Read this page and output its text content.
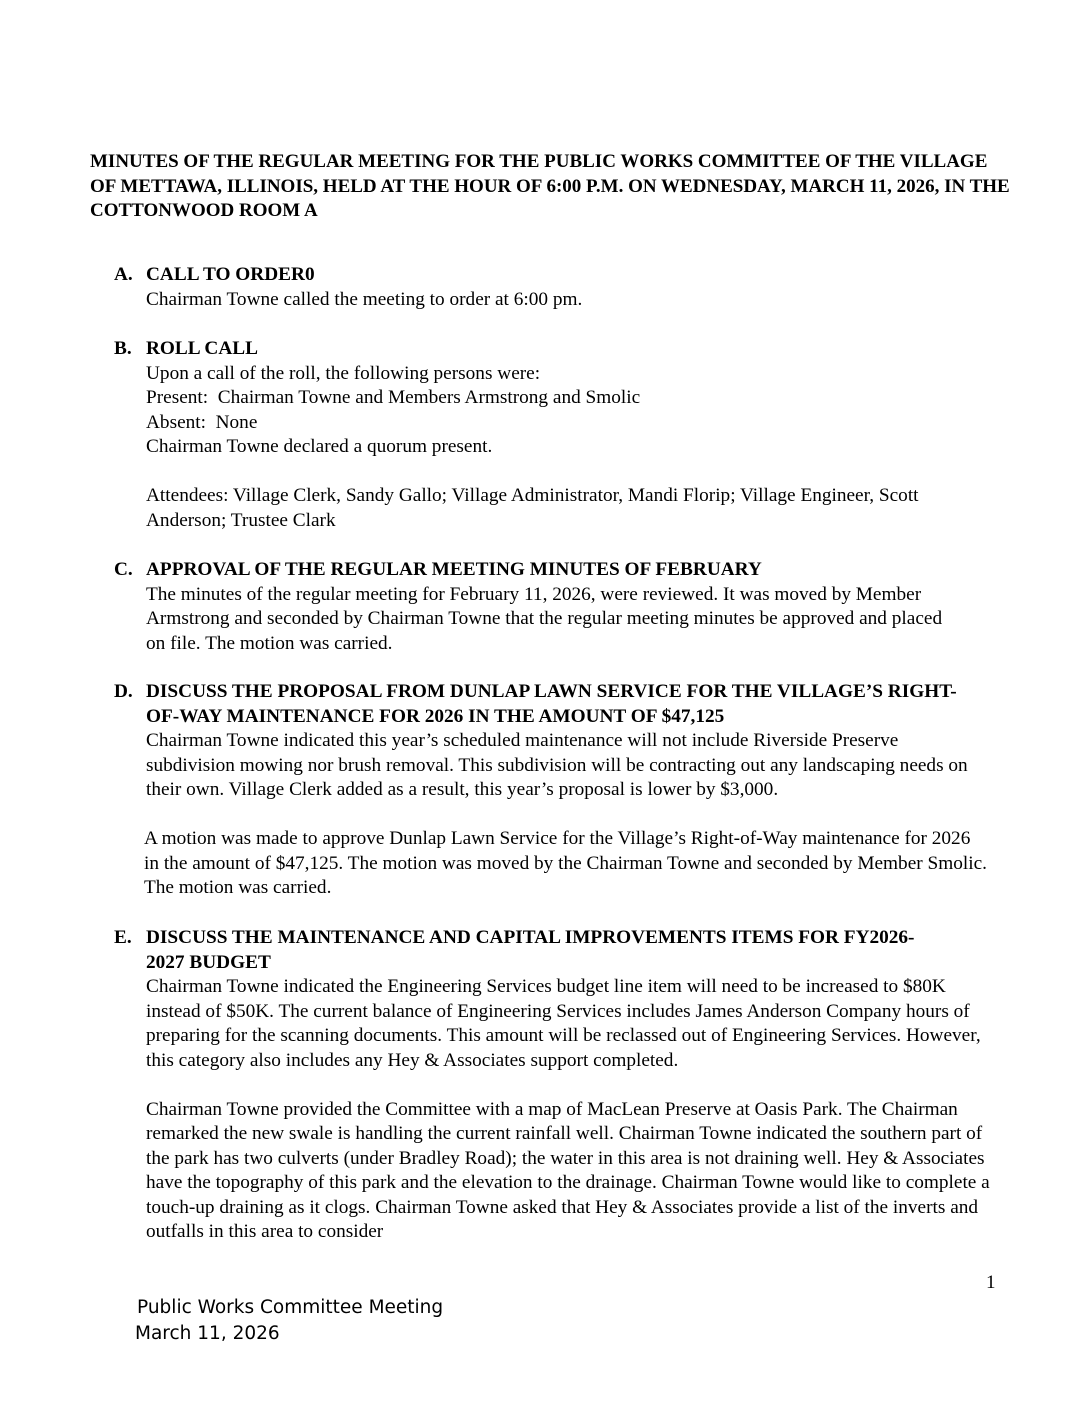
MINUTES OF THE REGULAR MEETING FOR THE PUBLIC WORKS COMMITTEE OF THE VILLAGE OF METTAWA, ILLINOIS, HELD AT THE HOUR OF 6:00 P.M. ON WEDNESDAY, MARCH 11, 2026, IN THE COTTONWOOD ROOM A
A. CALL TO ORDER0

Chairman Towne called the meeting to order at 6:00 pm.

B. ROLL CALL

Upon a call of the roll, the following persons were:

Present:  Chairman Towne and Members Armstrong and Smolic

Absent:  None

Chairman Towne declared a quorum present.

Attendees: Village Clerk, Sandy Gallo; Village Administrator, Mandi Florip; Village Engineer, Scott Anderson; Trustee Clark

C. APPROVAL OF THE REGULAR MEETING MINUTES OF FEBRUARY

The minutes of the regular meeting for February 11, 2026, were reviewed. It was moved by Member Armstrong and seconded by Chairman Towne that the regular meeting minutes be approved and placed on file. The motion was carried.

D. DISCUSS THE PROPOSAL FROM DUNLAP LAWN SERVICE FOR THE VILLAGE’S RIGHT-OF-WAY MAINTENANCE FOR 2026 IN THE AMOUNT OF $47,125

Chairman Towne indicated this year’s scheduled maintenance will not include Riverside Preserve subdivision mowing nor brush removal. This subdivision will be contracting out any landscaping needs on their own. Village Clerk added as a result, this year’s proposal is lower by $3,000.

A motion was made to approve Dunlap Lawn Service for the Village’s Right-of-Way maintenance for 2026 in the amount of $47,125. The motion was moved by the Chairman Towne and seconded by Member Smolic. The motion was carried.

E. DISCUSS THE MAINTENANCE AND CAPITAL IMPROVEMENTS ITEMS FOR FY2026-2027 BUDGET

Chairman Towne indicated the Engineering Services budget line item will need to be increased to $80K instead of $50K. The current balance of Engineering Services includes James Anderson Company hours of preparing for the scanning documents. This amount will be reclassed out of Engineering Services. However, this category also includes any Hey & Associates support completed.

Chairman Towne provided the Committee with a map of MacLean Preserve at Oasis Park. The Chairman remarked the new swale is handling the current rainfall well. Chairman Towne indicated the southern part of the park has two culverts (under Bradley Road); the water in this area is not draining well. Hey & Associates have the topography of this park and the elevation to the drainage. Chairman Towne would like to complete a touch-up draining as it clogs. Chairman Towne asked that Hey & Associates provide a list of the inverts and outfalls in this area to consider

1
Public Works Committee Meeting
March 11, 2026
